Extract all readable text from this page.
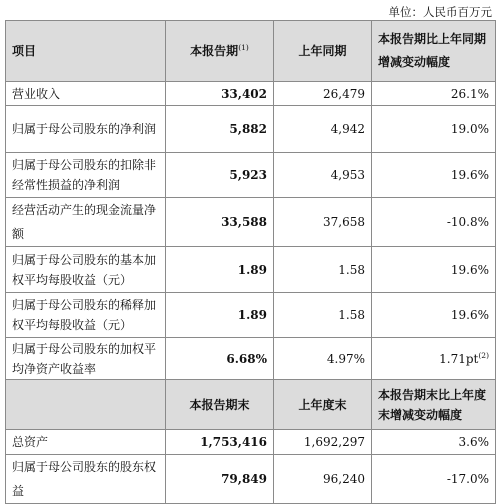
单位：人民币百万元
项目	本报告期$^{(1)}$	上年同期	本报告期比上年同期增减变动幅度
营业收入	33,402	26,479	26.1%
归属于母公司股东的净利润	5,882	4,942	19.0%
归属于母公司股东的扣除非经常性损益的净利润	5,923	4,953	19.6%
经营活动产生的现金流量净额	33,588	37,658	-10.8%
归属于母公司股东的基本加权平均每股收益（元）	1.89	1.58	19.6%
归属于母公司股东的稀释加权平均每股收益（元）	1.89	1.58	19.6%
归属于母公司股东的加权平均净资产收益率	6.68%	4.97%	$1.71pt^{(2)}$
	本报告期末	上年度末	本报告期末比上年度末增减变动幅度
总资产	1,753,416	1,692,297	3.6%
归属于母公司股东的股东权益	79,849	96,240	-17.0%
